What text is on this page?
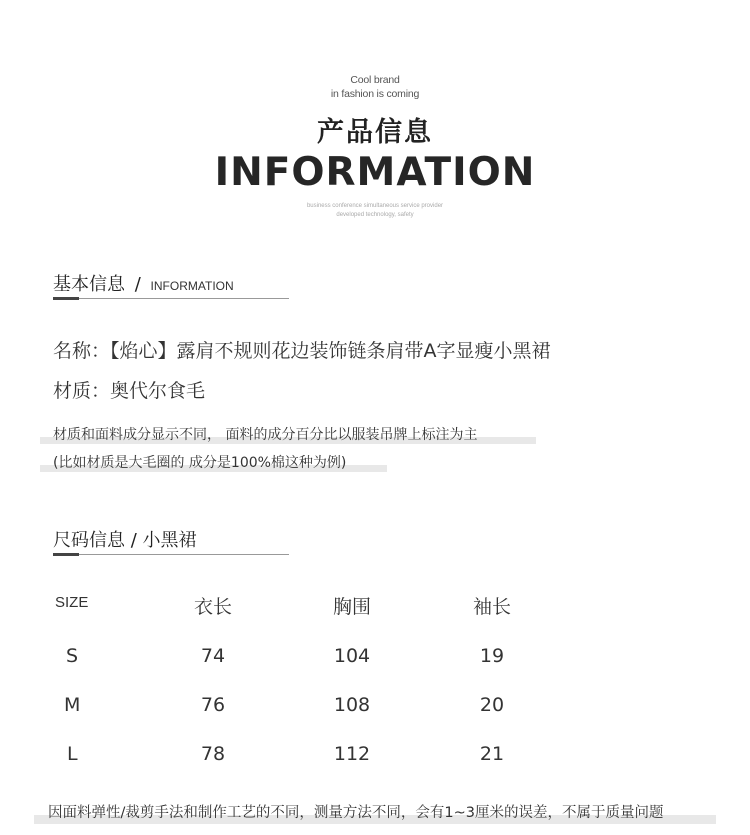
Cool brand
in fashion is coming
产品信息
INFORMATION
business conference simultaneous service provider
developed technology, safety
基本信息 / INFORMATION
名称：【焰心】露肩不规则花边装饰链条肩带A字显瘦小黑裙
材质：奥代尔食毛
材质和面料成分显示不同， 面料的成分百分比以服装吊牌上标注为主
(比如材质是大毛圈的 成分是100%棉这种为例)
尺码信息 / 小黑裙
SIZE	衣长	胸围	袖长
S	74	104	19
M	76	108	20
L	78	112	21
因面料弹性/裁剪手法和制作工艺的不同，测量方法不同，会有1~3厘米的误差，不属于质量问题
